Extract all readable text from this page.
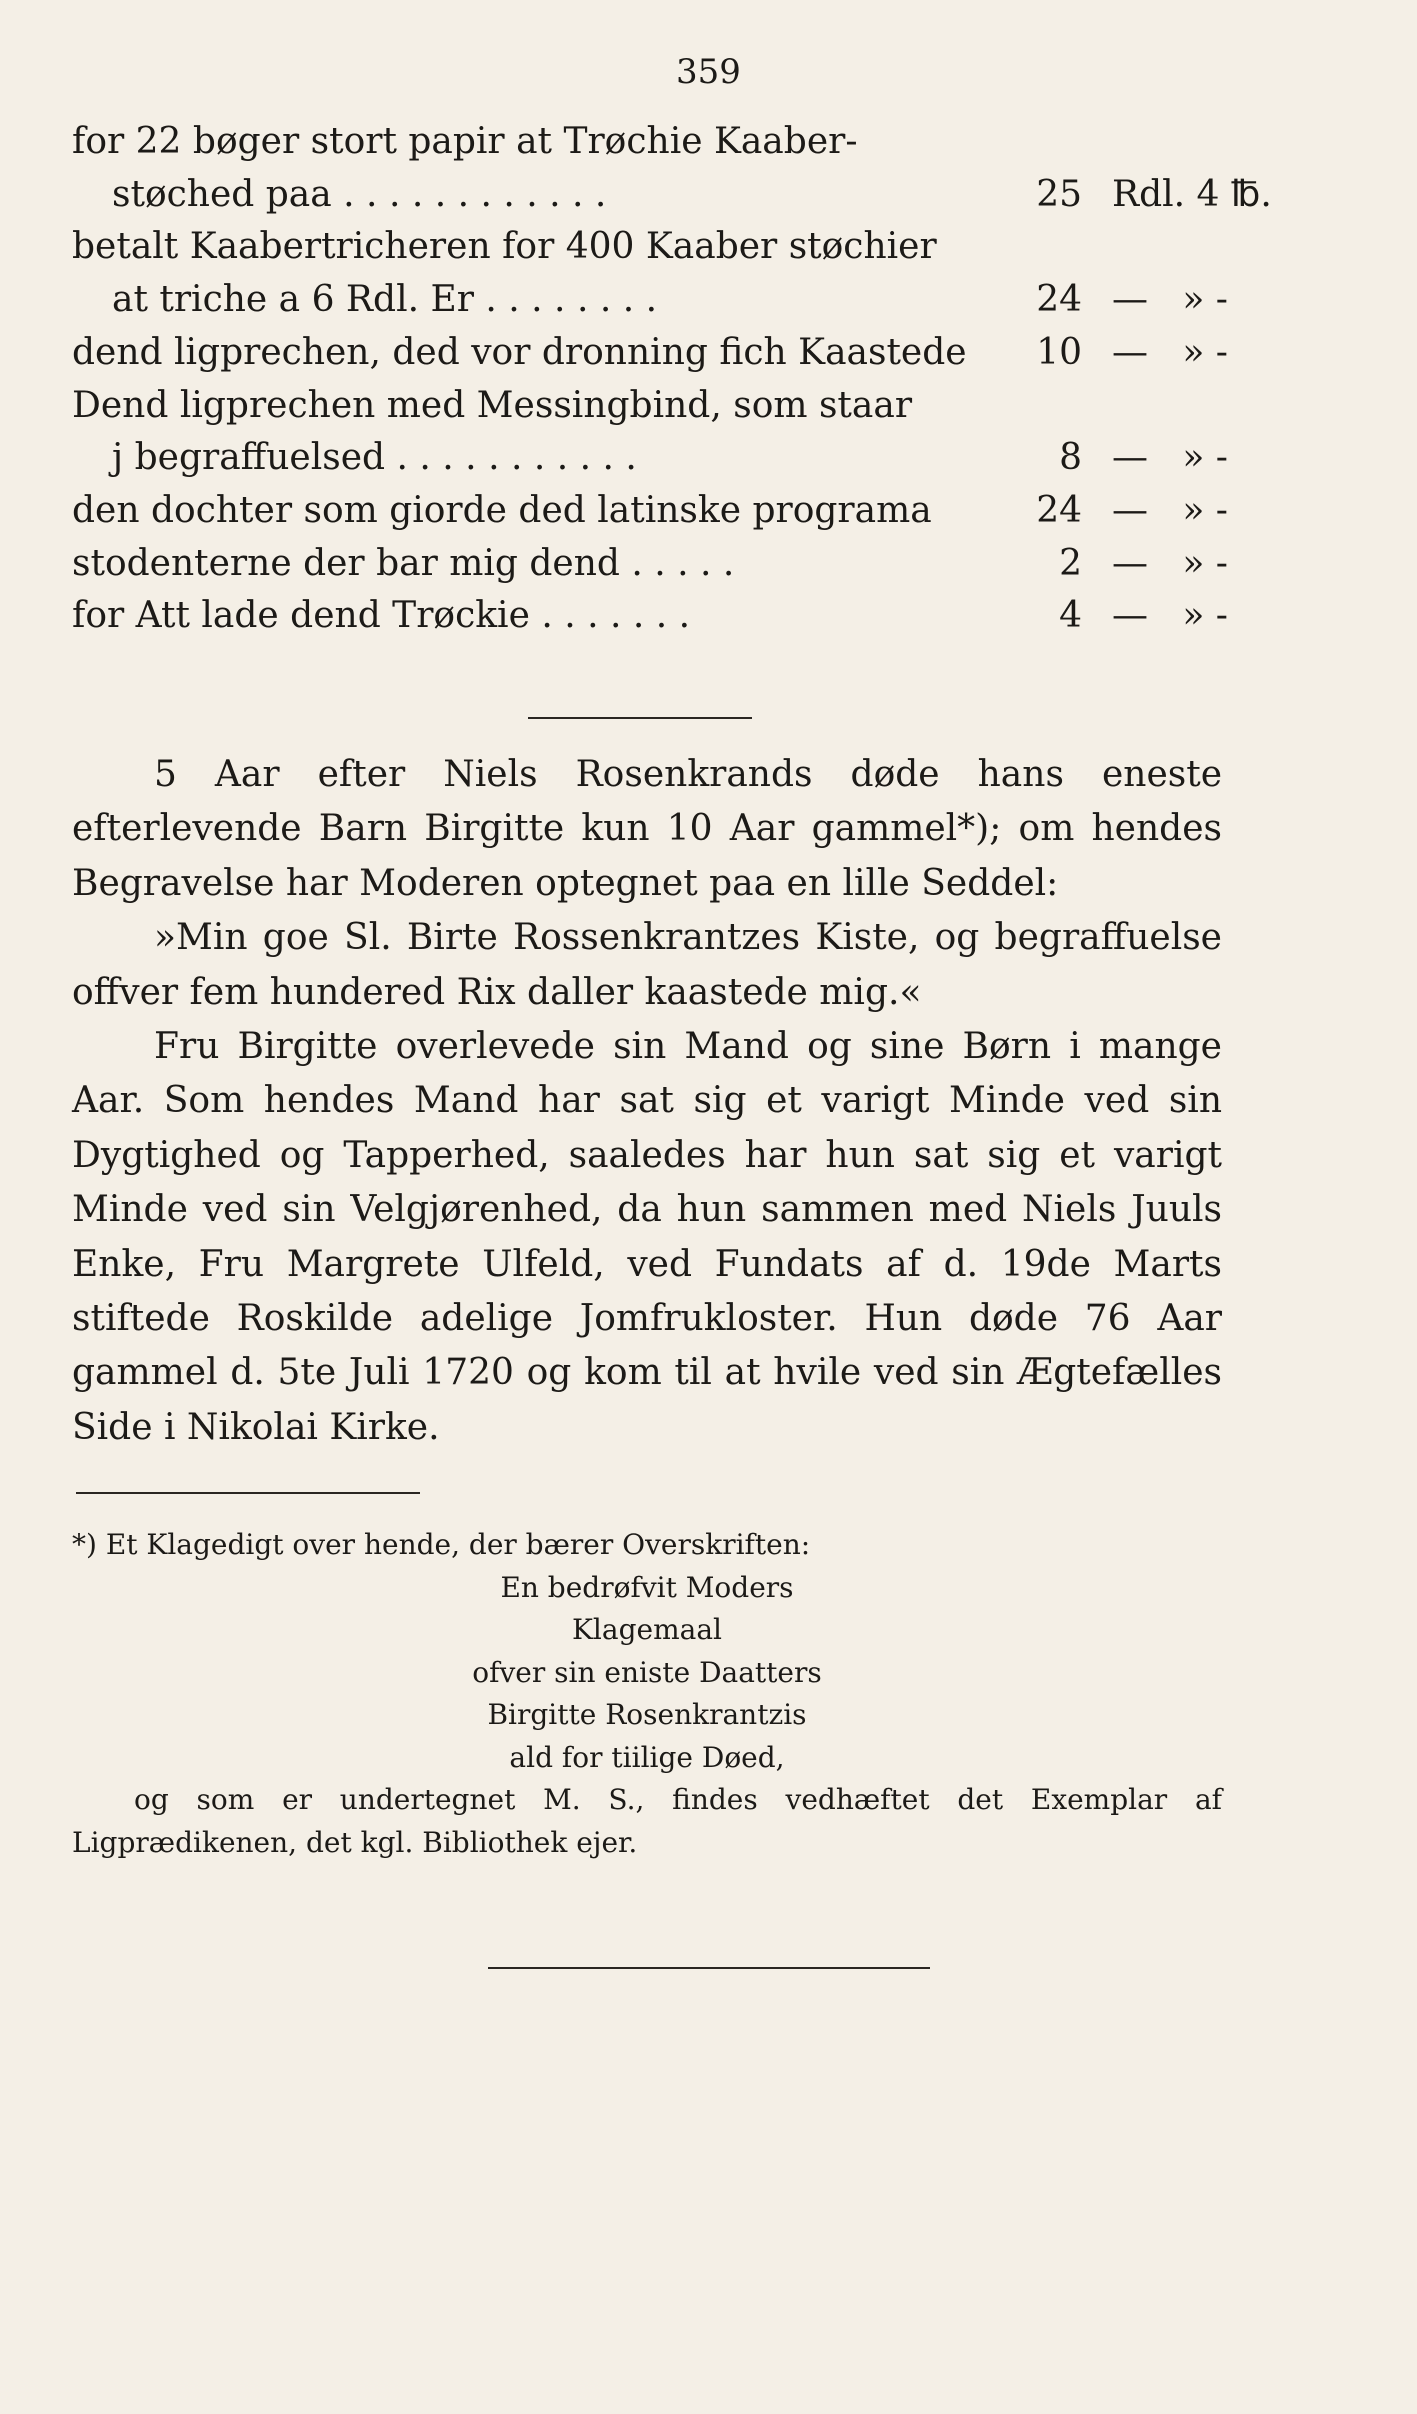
359
for 22 bøger stort papir at Trøchie Kaaber-
støched paa . . . . . . . . . . . .	25 Rdl. 4 ℔.
betalt Kaabertricheren for 400 Kaaber støchier
at triche a 6 Rdl. Er . . . . . . . .	24 —   » -
dend ligprechen, ded vor dronning fich Kaastede	10 —   » -
Dend ligprechen med Messingbind, som staar
j begraffuelsed . . . . . . . . . . .	8 —   » -
den dochter som giorde ded latinske programa	24 —   » -
stodenterne der bar mig dend . . . . .	2 —   » -
for Att lade dend Trøckie . . . . . . .	4 —   » -

5 Aar efter Niels Rosenkrands døde hans eneste efterlevende Barn Birgitte kun 10 Aar gammel*); om hendes Begravelse har Moderen optegnet paa en lille Seddel:

»Min goe Sl. Birte Rossenkrantzes Kiste, og begraffuelse offver fem hundered Rix daller kaastede mig.«

Fru Birgitte overlevede sin Mand og sine Børn i mange Aar. Som hendes Mand har sat sig et varigt Minde ved sin Dygtighed og Tapperhed, saaledes har hun sat sig et varigt Minde ved sin Velgjørenhed, da hun sammen med Niels Juuls Enke, Fru Margrete Ulfeld, ved Fundats af d. 19de Marts stiftede Roskilde adelige Jomfrukloster. Hun døde 76 Aar gammel d. 5te Juli 1720 og kom til at hvile ved sin Ægtefælles Side i Nikolai Kirke.

*) Et Klagedigt over hende, der bærer Overskriften:

En bedrøfvit Moders

Klagemaal

ofver sin eniste Daatters

Birgitte Rosenkrantzis

ald for tiilige Døed,

og som er undertegnet M. S., findes vedhæftet det Exemplar af Ligprædikenen, det kgl. Bibliothek ejer.
